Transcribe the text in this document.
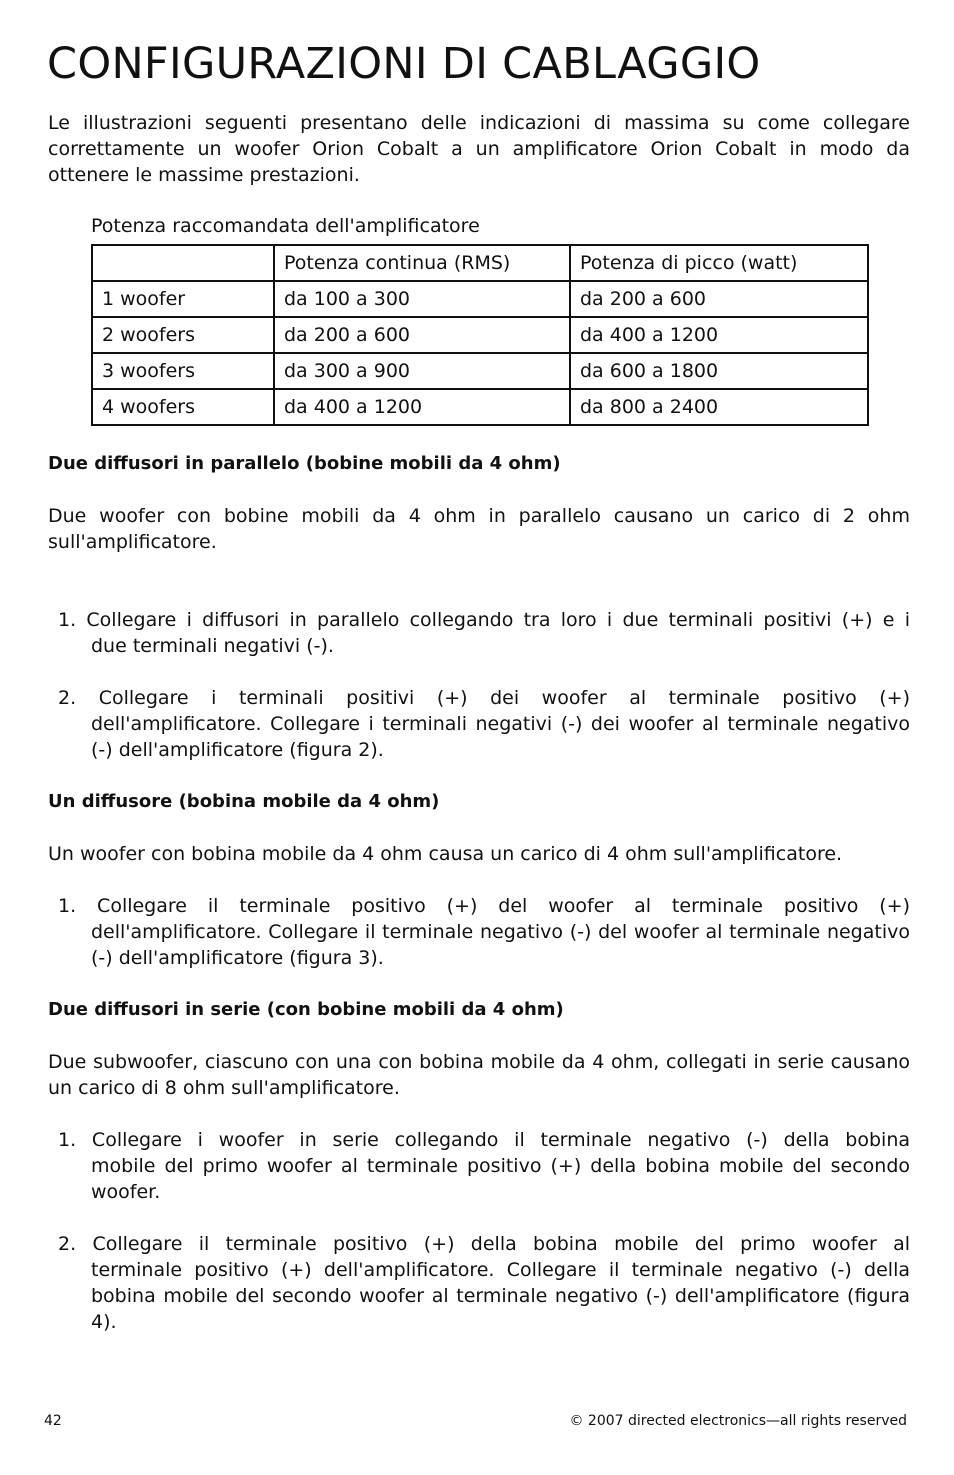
CONFIGURAZIONI DI CABLAGGIO

Le illustrazioni seguenti presentano delle indicazioni di massima su come collegare correttamente un woofer Orion Cobalt a un amplificatore Orion Cobalt in modo da ottenere le massime prestazioni.

Potenza raccomandata dell'amplificatore
	Potenza continua (RMS)	Potenza di picco (watt)
1 woofer	da 100 a 300	da 200 a 600
2 woofers	da 200 a 600	da 400 a 1200
3 woofers	da 300 a 900	da 600 a 1800
4 woofers	da 400 a 1200	da 800 a 2400

Due diffusori in parallelo (bobine mobili da 4 ohm)

Due woofer con bobine mobili da 4 ohm in parallelo causano un carico di 2 ohm sull'amplificatore.

1. Collegare i diffusori in parallelo collegando tra loro i due terminali positivi (+) e i
due terminali negativi (-).
2. Collegare i terminali positivi (+) dei woofer al terminale positivo (+)
dell'amplificatore. Collegare i terminali negativi (-) dei woofer al terminale negativo (-) dell'amplificatore (figura 2).

Un diffusore (bobina mobile da 4 ohm)

Un woofer con bobina mobile da 4 ohm causa un carico di 4 ohm sull'amplificatore.

1. Collegare il terminale positivo (+) del woofer al terminale positivo (+)
dell'amplificatore. Collegare il terminale negativo (-) del woofer al terminale negativo (-) dell'amplificatore (figura 3).

Due diffusori in serie (con bobine mobili da 4 ohm)

Due subwoofer, ciascuno con una con bobina mobile da 4 ohm, collegati in serie causano un carico di 8 ohm sull'amplificatore.

1. Collegare i woofer in serie collegando il terminale negativo (-) della bobina
mobile del primo woofer al terminale positivo (+) della bobina mobile del secondo woofer.
2. Collegare il terminale positivo (+) della bobina mobile del primo woofer al
terminale positivo (+) dell'amplificatore. Collegare il terminale negativo (-) della bobina mobile del secondo woofer al terminale negativo (-) dell'amplificatore (figura 4).
42	© 2007 directed electronics—all rights reserved
